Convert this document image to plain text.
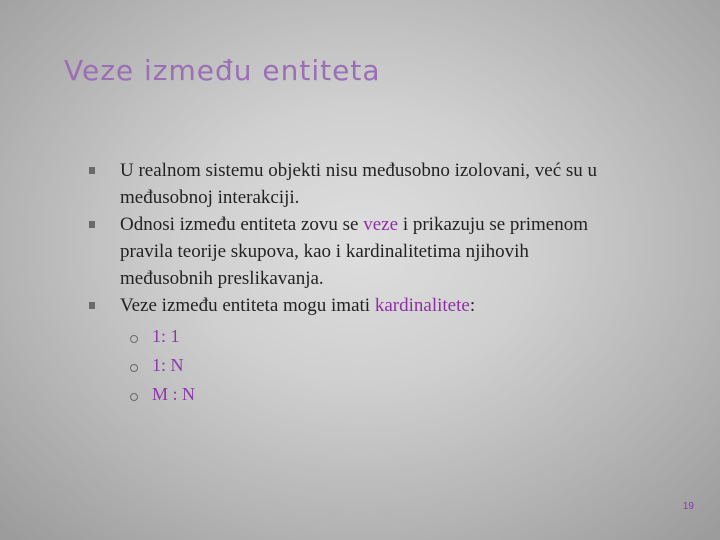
Veze između entiteta
U realnom sistemu objekti nisu međusobno izolovani, već su u međusobnoj interakciji.
Odnosi između entiteta zovu se veze i prikazuju se primenom pravila teorije skupova, kao i kardinalitetima njihovih međusobnih preslikavanja.
Veze između entiteta mogu imati kardinalitete:
1: 1
1: N
M : N
19
